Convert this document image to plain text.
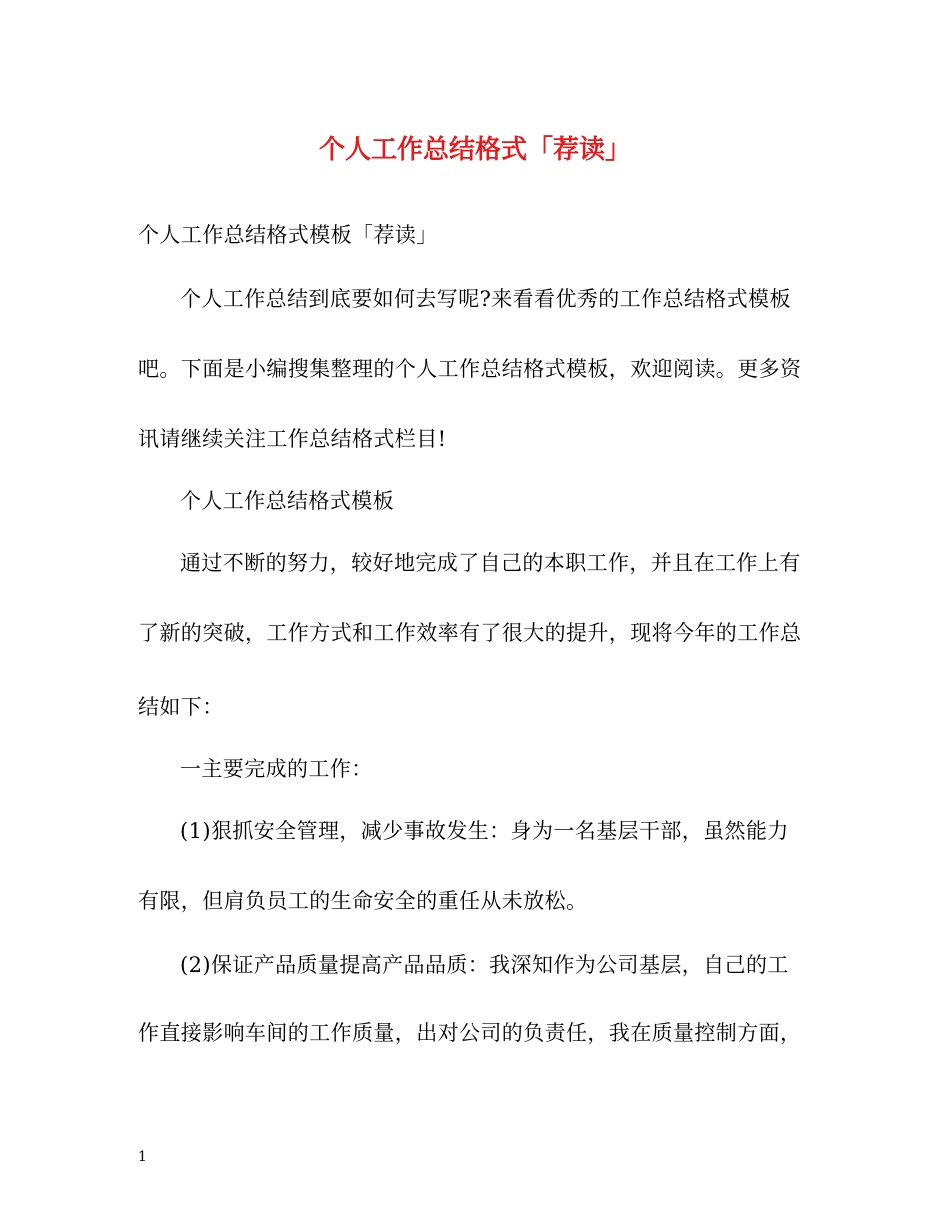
个人工作总结格式「荐读」
个人工作总结格式模板「荐读」
个人工作总结到底要如何去写呢?来看看优秀的工作总结格式模板
吧。下面是小编搜集整理的个人工作总结格式模板，欢迎阅读。更多资
讯请继续关注工作总结格式栏目!
个人工作总结格式模板
通过不断的努力，较好地完成了自己的本职工作，并且在工作上有
了新的突破，工作方式和工作效率有了很大的提升，现将今年的工作总
结如下：
一主要完成的工作：
(1)狠抓安全管理，减少事故发生：身为一名基层干部，虽然能力
有限，但肩负员工的生命安全的重任从未放松。
(2)保证产品质量提高产品品质：我深知作为公司基层，自己的工
作直接影响车间的工作质量，出对公司的负责任，我在质量控制方面，
1
